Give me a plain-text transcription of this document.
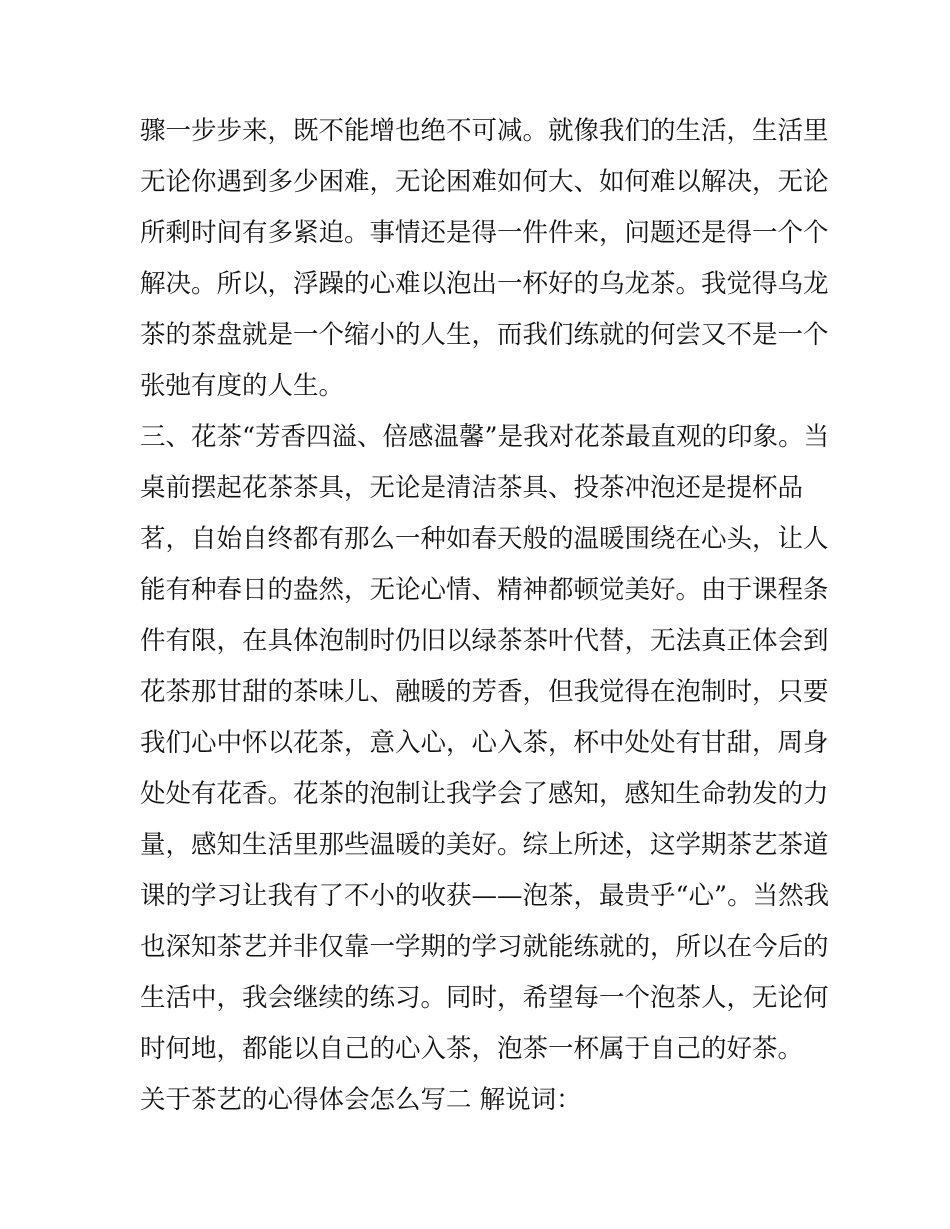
骤一步步来，既不能增也绝不可减。就像我们的生活，生活里
无论你遇到多少困难，无论困难如何大、如何难以解决，无论
所剩时间有多紧迫。事情还是得一件件来，问题还是得一个个
解决。所以，浮躁的心难以泡出一杯好的乌龙茶。我觉得乌龙
茶的茶盘就是一个缩小的人生，而我们练就的何尝又不是一个
张弛有度的人生。
三、花茶“芳香四溢、倍感温馨”是我对花茶最直观的印象。当
桌前摆起花茶茶具，无论是清洁茶具、投茶冲泡还是提杯品
茗，自始自终都有那么一种如春天般的温暖围绕在心头，让人
能有种春日的盎然，无论心情、精神都顿觉美好。由于课程条
件有限，在具体泡制时仍旧以绿茶茶叶代替，无法真正体会到
花茶那甘甜的茶味儿、融暖的芳香，但我觉得在泡制时，只要
我们心中怀以花茶，意入心，心入茶，杯中处处有甘甜，周身
处处有花香。花茶的泡制让我学会了感知，感知生命勃发的力
量，感知生活里那些温暖的美好。综上所述，这学期茶艺茶道
课的学习让我有了不小的收获——泡茶，最贵乎“心”。当然我
也深知茶艺并非仅靠一学期的学习就能练就的，所以在今后的
生活中，我会继续的练习。同时，希望每一个泡茶人，无论何
时何地，都能以自己的心入茶，泡茶一杯属于自己的好茶。
关于茶艺的心得体会怎么写二 解说词：
